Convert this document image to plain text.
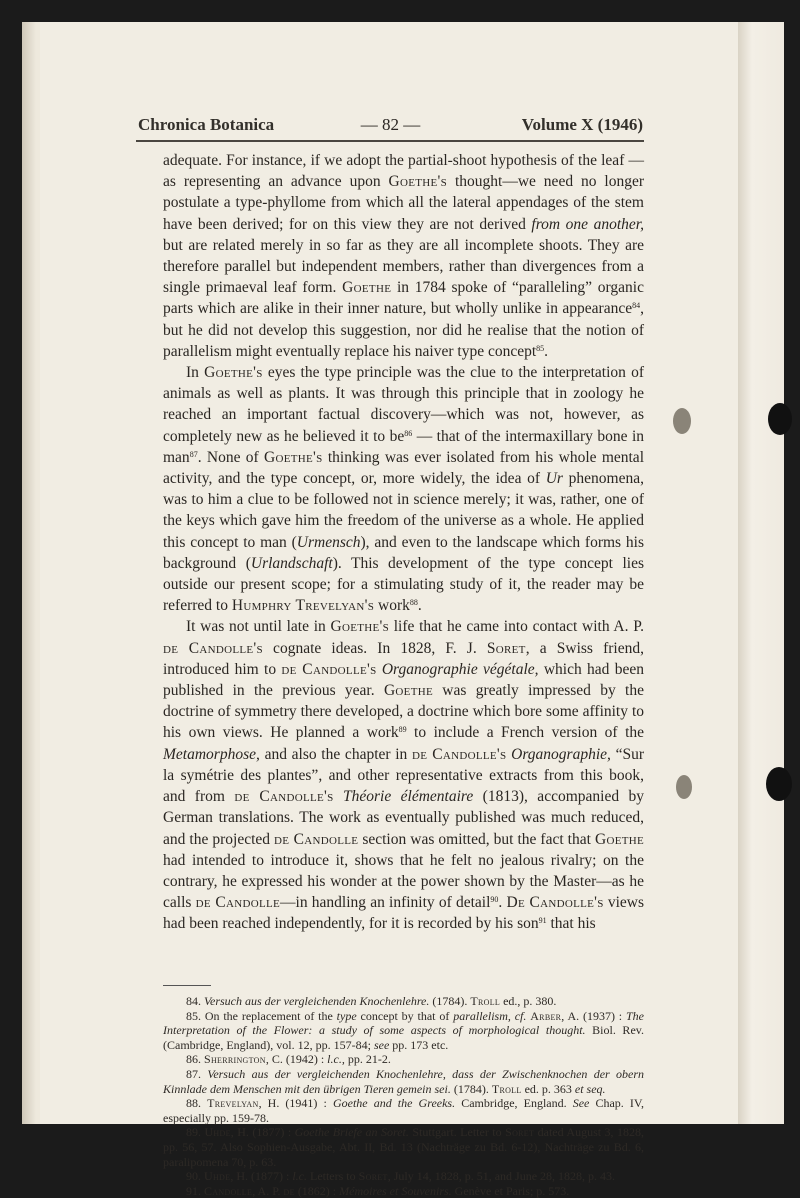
Chronica Botanica	— 82 —	Volume X (1946)

adequate. For instance, if we adopt the partial-shoot hypothesis of the leaf —as representing an advance upon Goethe's thought—we need no longer postulate a type-phyllome from which all the lateral appendages of the stem have been derived; for on this view they are not derived from one another, but are related merely in so far as they are all incomplete shoots. They are therefore parallel but independent members, rather than divergences from a single primaeval leaf form. Goethe in 1784 spoke of “paralleling” organic parts which are alike in their inner nature, but wholly unlike in appearance$^{84}$, but he did not develop this suggestion, nor did he realise that the notion of parallelism might eventually replace his naiver type concept$^{85}$.

In Goethe's eyes the type principle was the clue to the interpretation of animals as well as plants. It was through this principle that in zoology he reached an important factual discovery—which was not, however, as completely new as he believed it to $be^{86}$ — that of the intermaxillary bone in man$^{87}$. None of Goethe's thinking was ever isolated from his whole mental activity, and the type concept, or, more widely, the idea of Ur phenomena, was to him a clue to be followed not in science merely; it was, rather, one of the keys which gave him the freedom of the universe as a whole. He applied this concept to man (Urmensch), and even to the landscape which forms his background (Urlandschaft). This development of the type concept lies outside our present scope; for a stimulating study of it, the reader may be referred to Humphry Trevelyan's work$^{88}$.

It was not until late in Goethe's life that he came into contact with A. P. de Candolle's cognate ideas. In 1828, F. J. Soret, a Swiss friend, introduced him to de Candolle's Organographie végétale, which had been published in the previous year. Goethe was greatly impressed by the doctrine of symmetry there developed, a doctrine which bore some affinity to his own views. He planned a work$^{89}$ to include a French version of the Metamorphose, and also the chapter in de Candolle's Organographie, “Sur la symétrie des plantes”, and other representative extracts from this book, and from de Candolle's Théorie élémentaire (1813), accompanied by German translations. The work as eventually published was much reduced, and the projected de Candolle section was omitted, but the fact that Goethe had intended to introduce it, shows that he felt no jealous rivalry; on the contrary, he expressed his wonder at the power shown by the Master—as he calls de Candolle—in handling an infinity of detail$^{90}$. De Candolle's views had been reached independently, for it is recorded by his son$^{91}$ that his

84. Versuch aus der vergleichenden Knochenlehre. (1784). Troll ed., p. 380.

85. On the replacement of the type concept by that of parallelism, cf. Arber, A. (1937) : The Interpretation of the Flower: a study of some aspects of morphological thought. Biol. Rev. (Cambridge, England), vol. 12, pp. 157-84; see pp. 173 etc.

86. Sherrington, C. (1942) : l.c., pp. 21-2.

87. Versuch aus der vergleichenden Knochenlehre, dass der Zwischenknochen der obern Kinnlade dem Menschen mit den übrigen Tieren gemein sei. (1784). Troll ed. p. 363 et seq.

88. Trevelyan, H. (1941) : Goethe and the Greeks. Cambridge, England. See Chap. IV, especially pp. 159-78.

89. Uhde, H. (1877) : Goethe Briefe an Soret. Stuttgart. Letter to Soret dated August 3, 1828, pp. 56, 57. Also Sophien-Ausgabe, Abt. II, Bd. 13 (Nachträge zu Bd. 6-12), Nachträge zu Bd. 6, paralipomena 70, p. 63.

90. Uhde, H. (1877) : l.c. Letters to Soret, July 14, 1828, p. 51, and June 28, 1828, p. 43.

91. Candolle, A. P. de (1862) : Mémoires et Souvenirs. Genève et Paris; p. 573.
